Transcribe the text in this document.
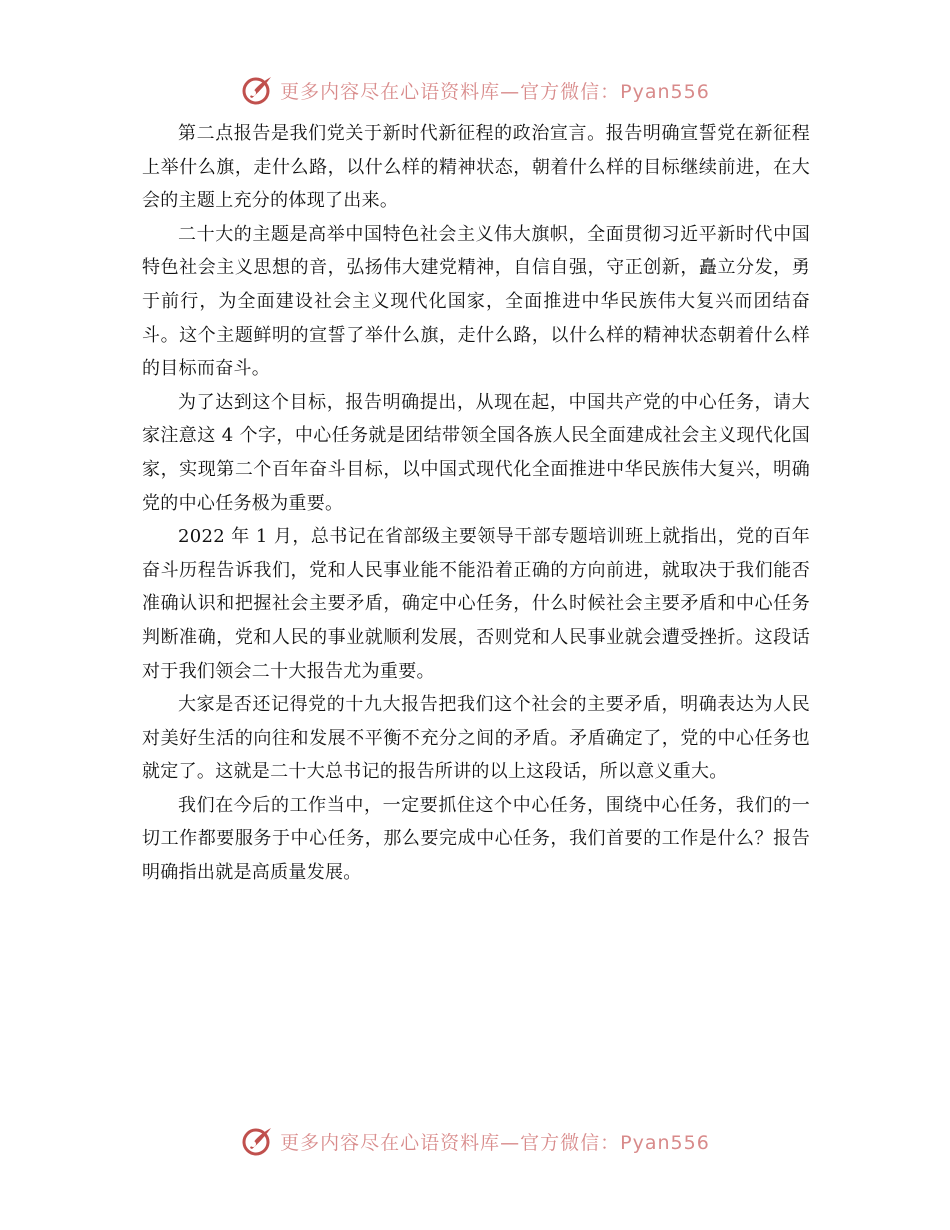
更多内容尽在心语资料库—官方微信：Pyan556

第二点报告是我们党关于新时代新征程的政治宣言。报告明确宣誓党在新征程上举什么旗，走什么路，以什么样的精神状态，朝着什么样的目标继续前进，在大会的主题上充分的体现了出来。

二十大的主题是高举中国特色社会主义伟大旗帜，全面贯彻习近平新时代中国特色社会主义思想的音，弘扬伟大建党精神，自信自强，守正创新，矗立分发，勇于前行，为全面建设社会主义现代化国家，全面推进中华民族伟大复兴而团结奋斗。这个主题鲜明的宣誓了举什么旗，走什么路，以什么样的精神状态朝着什么样的目标而奋斗。

为了达到这个目标，报告明确提出，从现在起，中国共产党的中心任务，请大家注意这 4 个字，中心任务就是团结带领全国各族人民全面建成社会主义现代化国家，实现第二个百年奋斗目标，以中国式现代化全面推进中华民族伟大复兴，明确党的中心任务极为重要。

2022 年 1 月，总书记在省部级主要领导干部专题培训班上就指出，党的百年奋斗历程告诉我们，党和人民事业能不能沿着正确的方向前进，就取决于我们能否准确认识和把握社会主要矛盾，确定中心任务，什么时候社会主要矛盾和中心任务判断准确，党和人民的事业就顺利发展，否则党和人民事业就会遭受挫折。这段话对于我们领会二十大报告尤为重要。

大家是否还记得党的十九大报告把我们这个社会的主要矛盾，明确表达为人民对美好生活的向往和发展不平衡不充分之间的矛盾。矛盾确定了，党的中心任务也就定了。这就是二十大总书记的报告所讲的以上这段话，所以意义重大。

我们在今后的工作当中，一定要抓住这个中心任务，围绕中心任务，我们的一切工作都要服务于中心任务，那么要完成中心任务，我们首要的工作是什么？报告明确指出就是高质量发展。

更多内容尽在心语资料库—官方微信：Pyan556
